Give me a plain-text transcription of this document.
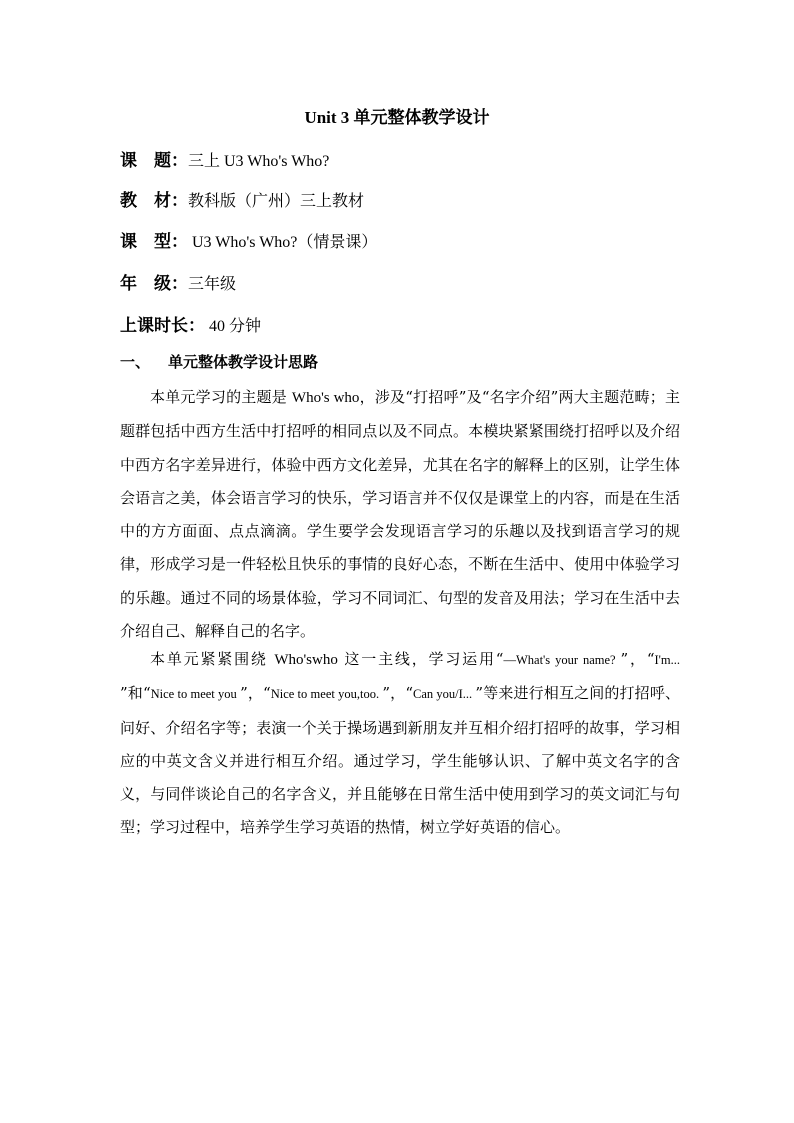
Unit 3 单元整体教学设计
课　题：三上 U3 Who's Who?
教　材：教科版（广州）三上教材
课　型： U3 Who's Who?（情景课）
年　级：三年级
上课时长： 40 分钟
一、 单元整体教学设计思路
本单元学习的主题是 Who's who，涉及“打招呼”及“名字介绍”两大主题范畴；主题群包括中西方生活中打招呼的相同点以及不同点。本模块紧紧围绕打招呼以及介绍中西方名字差异进行，体验中西方文化差异，尤其在名字的解释上的区别，让学生体会语言之美，体会语言学习的快乐，学习语言并不仅仅是课堂上的内容，而是在生活中的方方面面、点点滴滴。学生要学会发现语言学习的乐趣以及找到语言学习的规律，形成学习是一件轻松且快乐的事情的良好心态，不断在生活中、使用中体验学习的乐趣。通过不同的场景体验，学习不同词汇、句型的发音及用法；学习在生活中去介绍自己、解释自己的名字。
本单元紧紧围绕 Who'swho 这一主线，学习运用“—What's your name? ”，“I'm... ”和“Nice to meet you ”，“Nice to meet you,too. ”，“Can you/I... ”等来进行相互之间的打招呼、问好、介绍名字等；表演一个关于操场遇到新朋友并互相介绍打招呼的故事，学习相应的中英文含义并进行相互介绍。通过学习，学生能够认识、了解中英文名字的含义，与同伴谈论自己的名字含义，并且能够在日常生活中使用到学习的英文词汇与句型；学习过程中，培养学生学习英语的热情，树立学好英语的信心。
